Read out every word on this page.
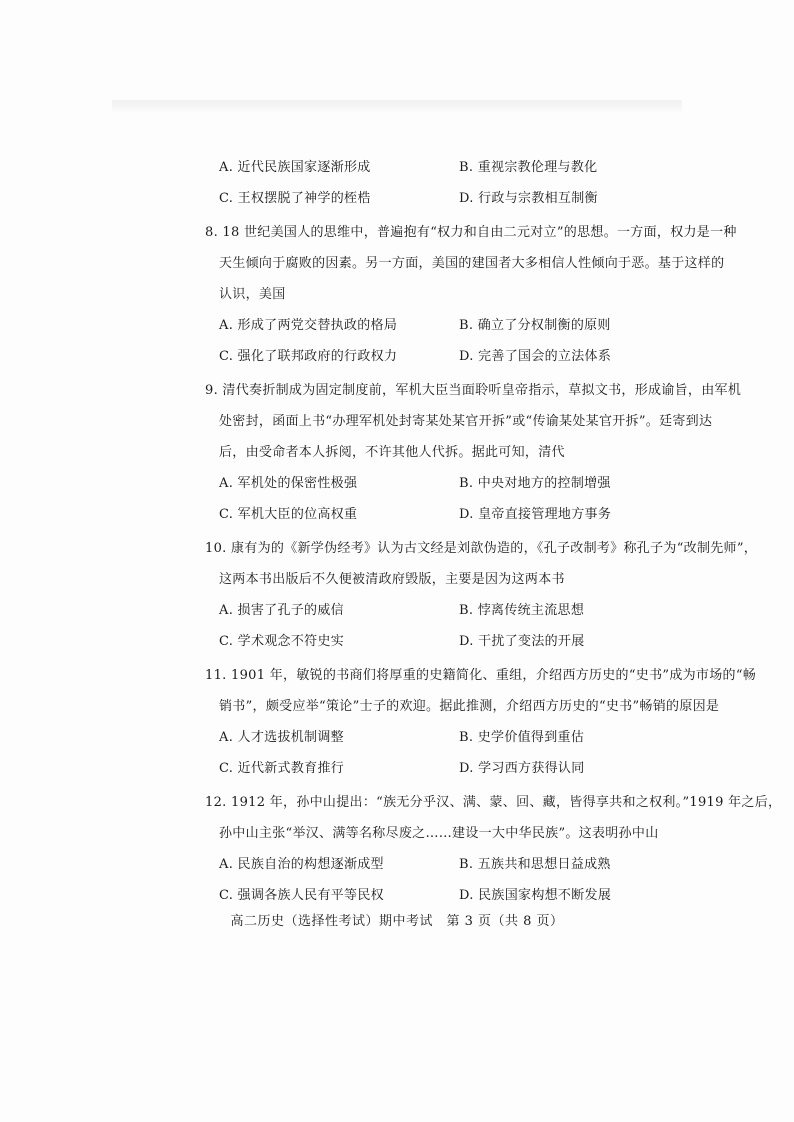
A. 近代民族国家逐渐形成	B. 重视宗教伦理与教化
C. 王权摆脱了神学的桎梏	D. 行政与宗教相互制衡
8. 18 世纪美国人的思维中，普遍抱有“权力和自由二元对立”的思想。一方面，权力是一种
天生倾向于腐败的因素。另一方面，美国的建国者大多相信人性倾向于恶。基于这样的
认识，美国
A. 形成了两党交替执政的格局	B. 确立了分权制衡的原则
C. 强化了联邦政府的行政权力	D. 完善了国会的立法体系
9. 清代奏折制成为固定制度前，军机大臣当面聆听皇帝指示，草拟文书，形成谕旨，由军机
处密封，函面上书“办理军机处封寄某处某官开拆”或“传谕某处某官开拆”。廷寄到达
后，由受命者本人拆阅，不许其他人代拆。据此可知，清代
A. 军机处的保密性极强	B. 中央对地方的控制增强
C. 军机大臣的位高权重	D. 皇帝直接管理地方事务
10. 康有为的《新学伪经考》认为古文经是刘歆伪造的，《孔子改制考》称孔子为“改制先师”，
这两本书出版后不久便被清政府毁版，主要是因为这两本书
A. 损害了孔子的威信	B. 悖离传统主流思想
C. 学术观念不符史实	D. 干扰了变法的开展
11. 1901 年，敏锐的书商们将厚重的史籍简化、重组，介绍西方历史的“史书”成为市场的“畅
销书”，颇受应举“策论”士子的欢迎。据此推测，介绍西方历史的“史书”畅销的原因是
A. 人才选拔机制调整	B. 史学价值得到重估
C. 近代新式教育推行	D. 学习西方获得认同
12. 1912 年，孙中山提出：“族无分乎汉、满、蒙、回、藏，皆得享共和之权利。”1919 年之后，
孙中山主张“举汉、满等名称尽废之……建设一大中华民族”。这表明孙中山
A. 民族自治的构想逐渐成型	B. 五族共和思想日益成熟
C. 强调各族人民有平等民权	D. 民族国家构想不断发展
高二历史（选择性考试）期中考试　第 3 页（共 8 页）
